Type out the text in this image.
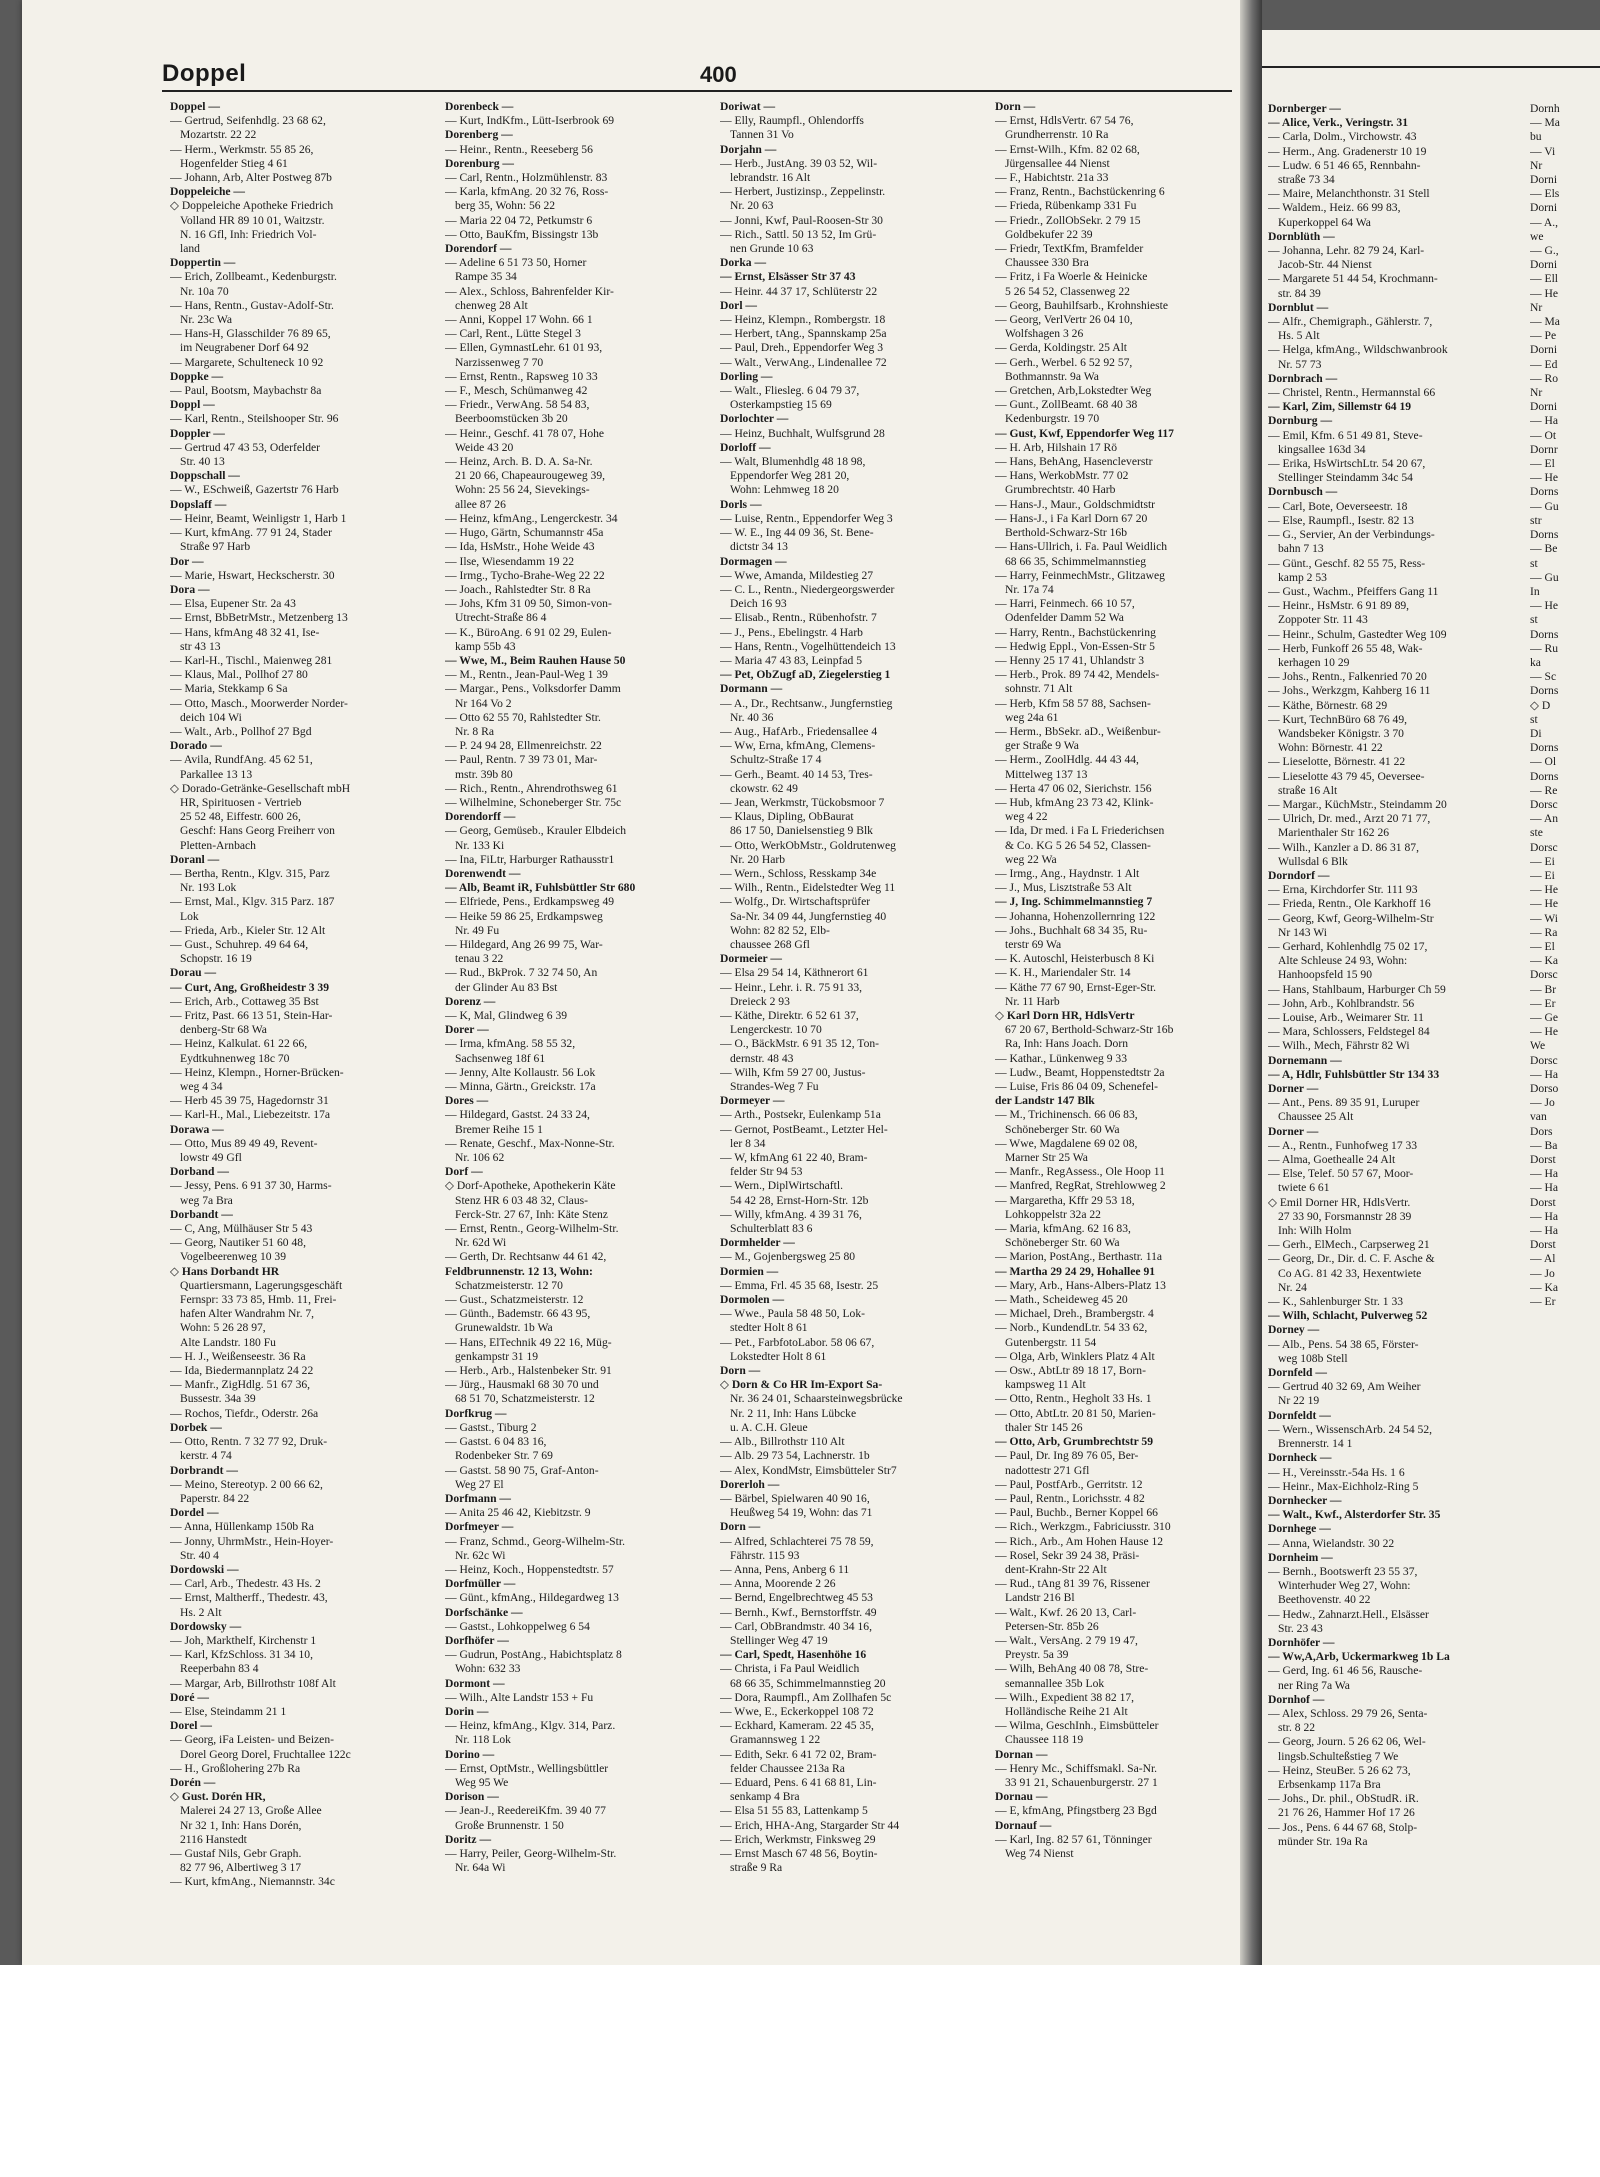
Doppel	400
Doppel —
— Gertrud, Seifenhdlg. 23 68 62,
Mozartstr. 22 22
— Herm., Werkmstr. 55 85 26,
Hogenfelder Stieg 4 61
— Johann, Arb, Alter Postweg 87b
Doppeleiche —
◇ Doppeleiche Apotheke Friedrich
Volland HR 89 10 01, Waitzstr.
N. 16 Gfl, Inh: Friedrich Vol-
land
Doppertin —
— Erich, Zollbeamt., Kedenburgstr.
Nr. 10a 70
— Hans, Rentn., Gustav-Adolf-Str.
Nr. 23c Wa
— Hans-H, Glasschilder 76 89 65,
im Neugrabener Dorf 64 92
— Margarete, Schulteneck 10 92
Doppke —
— Paul, Bootsm, Maybachstr 8a
Doppl —
— Karl, Rentn., Steilshooper Str. 96
Doppler —
— Gertrud 47 43 53, Oderfelder
Str. 40 13
Doppschall —
— W., ESchweiß, Gazertstr 76 Harb
Dopslaff —
— Heinr, Beamt, Weinligstr 1, Harb 1
— Kurt, kfmAng. 77 91 24, Stader
Straße 97 Harb
Dor —
— Marie, Hswart, Heckscherstr. 30
Dora —
— Elsa, Eupener Str. 2a 43
— Ernst, BbBetrMstr., Metzenberg 13
— Hans, kfmAng 48 32 41, Ise-
str 43 13
— Karl-H., Tischl., Maienweg 281
— Klaus, Mal., Pollhof 27 80
— Maria, Stekkamp 6 Sa
— Otto, Masch., Moorwerder Norder-
deich 104 Wi
— Walt., Arb., Pollhof 27 Bgd
Dorado —
— Avila, RundfAng. 45 62 51,
Parkallee 13 13
◇ Dorado-Getränke-Gesellschaft mbH
HR, Spirituosen - Vertrieb
25 52 48, Eiffestr. 600 26,
Geschf: Hans Georg Freiherr von
Pletten-Arnbach
Doranl —
— Bertha, Rentn., Klgv. 315, Parz
Nr. 193 Lok
— Ernst, Mal., Klgv. 315 Parz. 187
Lok
— Frieda, Arb., Kieler Str. 12 Alt
— Gust., Schuhrep. 49 64 64,
Schopstr. 16 19
Dorau —
— Curt, Ang, Großheidestr 3 39
— Erich, Arb., Cottaweg 35 Bst
— Fritz, Past. 66 13 51, Stein-Har-
denberg-Str 68 Wa
— Heinz, Kalkulat. 61 22 66,
Eydtkuhnenweg 18c 70
— Heinz, Klempn., Horner-Brücken-
weg 4 34
— Herb 45 39 75, Hagedornstr 31
— Karl-H., Mal., Liebezeitstr. 17a
Dorawa —
— Otto, Mus 89 49 49, Revent-
lowstr 49 Gfl
Dorband —
— Jessy, Pens. 6 91 37 30, Harms-
weg 7a Bra
Dorbandt —
— C, Ang, Mülhäuser Str 5 43
— Georg, Nautiker 51 60 48,
Vogelbeerenweg 10 39
◇ Hans Dorbandt HR
Quartiersmann, Lagerungsgeschäft
Fernspr: 33 73 85, Hmb. 11, Frei-
hafen Alter Wandrahm Nr. 7,
Wohn: 5 26 28 97,
Alte Landstr. 180 Fu
— H. J., Weißenseestr. 36 Ra
— Ida, Biedermannplatz 24 22
— Manfr., ZigHdlg. 51 67 36,
Bussestr. 34a 39
— Rochos, Tiefdr., Oderstr. 26a
Dorbek —
— Otto, Rentn. 7 32 77 92, Druk-
kerstr. 4 74
Dorbrandt —
— Meino, Stereotyp. 2 00 66 62,
Paperstr. 84 22
Dordel —
— Anna, Hüllenkamp 150b Ra
— Jonny, UhrmMstr., Hein-Hoyer-
Str. 40 4
Dordowski —
— Carl, Arb., Thedestr. 43 Hs. 2
— Ernst, Maltherff., Thedestr. 43,
Hs. 2 Alt
Dordowsky —
— Joh, Markthelf, Kirchenstr 1
— Karl, KfzSchloss. 31 34 10,
Reeperbahn 83 4
— Margar, Arb, Billrothstr 108f Alt
Doré —
— Else, Steindamm 21 1
Dorel —
— Georg, iFa Leisten- und Beizen-
Dorel Georg Dorel, Fruchtallee 122c
— H., Großlohering 27b Ra
Dorén —
◇ Gust. Dorén HR,
Malerei 24 27 13, Große Allee
Nr 32 1, Inh: Hans Dorén,
2116 Hanstedt
— Gustaf Nils, Gebr Graph.
82 77 96, Albertiweg 3 17
— Kurt, kfmAng., Niemannstr. 34c
Dorenbeck —
— Kurt, IndKfm., Lütt-Iserbrook 69
Dorenberg —
— Heinr., Rentn., Reeseberg 56
Dorenburg —
— Carl, Rentn., Holzmühlenstr. 83
— Karla, kfmAng. 20 32 76, Ross-
berg 35, Wohn: 56 22
— Maria 22 04 72, Petkumstr 6
— Otto, BauKfm, Bissingstr 13b
Dorendorf —
— Adeline 6 51 73 50, Horner
Rampe 35 34
— Alex., Schloss, Bahrenfelder Kir-
chenweg 28 Alt
— Anni, Koppel 17 Wohn. 66 1
— Carl, Rent., Lütte Stegel 3
— Ellen, GymnastLehr. 61 01 93,
Narzissenweg 7 70
— Ernst, Rentn., Rapsweg 10 33
— F., Mesch, Schümanweg 42
— Friedr., VerwAng. 58 54 83,
Beerboomstücken 3b 20
— Heinr., Geschf. 41 78 07, Hohe
Weide 43 20
— Heinz, Arch. B. D. A. Sa-Nr.
21 20 66, Chapeaurougeweg 39,
Wohn: 25 56 24, Sievekings-
allee 87 26
— Heinz, kfmAng., Lengerckestr. 34
— Hugo, Gärtn, Schumannstr 45a
— Ida, HsMstr., Hohe Weide 43
— Ilse, Wiesendamm 19 22
— Irmg., Tycho-Brahe-Weg 22 22
— Joach., Rahlstedter Str. 8 Ra
— Johs, Kfm 31 09 50, Simon-von-
Utrecht-Straße 86 4
— K., BüroAng. 6 91 02 29, Eulen-
kamp 55b 43
— Wwe, M., Beim Rauhen Hause 50
— M., Rentn., Jean-Paul-Weg 1 39
— Margar., Pens., Volksdorfer Damm
Nr 164 Vo 2
— Otto 62 55 70, Rahlstedter Str.
Nr. 8 Ra
— P. 24 94 28, Ellmenreichstr. 22
— Paul, Rentn. 7 39 73 01, Mar-
mstr. 39b 80
— Rich., Rentn., Ahrendrothsweg 61
— Wilhelmine, Schoneberger Str. 75c
Dorendorff —
— Georg, Gemüseb., Krauler Elbdeich
Nr. 133 Ki
— Ina, FiLtr, Harburger Rathausstr1
Dorenwendt —
— Alb, Beamt iR, Fuhlsbüttler Str 680
— Elfriede, Pens., Erdkampsweg 49
— Heike 59 86 25, Erdkampsweg
Nr. 49 Fu
— Hildegard, Ang 26 99 75, War-
tenau 3 22
— Rud., BkProk. 7 32 74 50, An
der Glinder Au 83 Bst
Dorenz —
— K, Mal, Glindweg 6 39
Dorer —
— Irma, kfmAng. 58 55 32,
Sachsenweg 18f 61
— Jenny, Alte Kollaustr. 56 Lok
— Minna, Gärtn., Greickstr. 17a
Dores —
— Hildegard, Gastst. 24 33 24,
Bremer Reihe 15 1
— Renate, Geschf., Max-Nonne-Str.
Nr. 106 62
Dorf —
◇ Dorf-Apotheke, Apothekerin Käte
Stenz HR 6 03 48 32, Claus-
Ferck-Str. 27 67, Inh: Käte Stenz
— Ernst, Rentn., Georg-Wilhelm-Str.
Nr. 62d Wi
— Gerth, Dr. Rechtsanw 44 61 42,
Feldbrunnenstr. 12 13, Wohn:
Schatzmeisterstr. 12 70
— Gust., Schatzmeisterstr. 12
— Günth., Bademstr. 66 43 95,
Grunewaldstr. 1b Wa
— Hans, ElTechnik 49 22 16, Müg-
genkampstr 31 19
— Herb., Arb., Halstenbeker Str. 91
— Jürg., Hausmakl 68 30 70 und
68 51 70, Schatzmeisterstr. 12
Dorfkrug —
— Gastst., Tiburg 2
— Gastst. 6 04 83 16,
Rodenbeker Str. 7 69
— Gastst. 58 90 75, Graf-Anton-
Weg 27 El
Dorfmann —
— Anita 25 46 42, Kiebitzstr. 9
Dorfmeyer —
— Franz, Schmd., Georg-Wilhelm-Str.
Nr. 62c Wi
— Heinz, Koch., Hoppenstedtstr. 57
Dorfmüller —
— Günt., kfmAng., Hildegardweg 13
Dorfschänke —
— Gastst., Lohkoppelweg 6 54
Dorfhöfer —
— Gudrun, PostAng., Habichtsplatz 8
Wohn: 632 33
Dormont —
— Wilh., Alte Landstr 153 + Fu
Dorin —
— Heinz, kfmAng., Klgv. 314, Parz.
Nr. 118 Lok
Dorino —
— Ernst, OptMstr., Wellingsbüttler
Weg 95 We
Dorison —
— Jean-J., ReedereiKfm. 39 40 77
Große Brunnenstr. 1 50
Doritz —
— Harry, Peiler, Georg-Wilhelm-Str.
Nr. 64a Wi
Doriwat —
— Elly, Raumpfl., Ohlendorffs
Tannen 31 Vo
Dorjahn —
— Herb., JustAng. 39 03 52, Wil-
lebrandstr. 16 Alt
— Herbert, Justizinsp., Zeppelinstr.
Nr. 20 63
— Jonni, Kwf, Paul-Roosen-Str 30
— Rich., Sattl. 50 13 52, Im Grü-
nen Grunde 10 63
Dorka —
— Ernst, Elsässer Str 37 43
— Heinr. 44 37 17, Schlüterstr 22
Dorl —
— Heinz, Klempn., Rombergstr. 18
— Herbert, tAng., Spannskamp 25a
— Paul, Dreh., Eppendorfer Weg 3
— Walt., VerwAng., Lindenallee 72
Dorling —
— Walt., Fliesleg. 6 04 79 37,
Osterkampstieg 15 69
Dorlochter —
— Heinz, Buchhalt, Wulfsgrund 28
Dorloff —
— Walt, Blumenhdlg 48 18 98,
Eppendorfer Weg 281 20,
Wohn: Lehmweg 18 20
Dorls —
— Luise, Rentn., Eppendorfer Weg 3
— W. E., Ing 44 09 36, St. Bene-
dictstr 34 13
Dormagen —
— Wwe, Amanda, Mildestieg 27
— C. L., Rentn., Niedergeorgswerder
Deich 16 93
— Elisab., Rentn., Rübenhofstr. 7
— J., Pens., Ebelingstr. 4 Harb
— Hans, Rentn., Vogelhüttendeich 13
— Maria 47 43 83, Leinpfad 5
— Pet, ObZugf aD, Ziegelerstieg 1
Dormann —
— A., Dr., Rechtsanw., Jungfernstieg
Nr. 40 36
— Aug., HafArb., Friedensallee 4
— Ww, Erna, kfmAng, Clemens-
Schultz-Straße 17 4
— Gerh., Beamt. 40 14 53, Tres-
ckowstr. 62 49
— Jean, Werkmstr, Tückobsmoor 7
— Klaus, Dipling, ObBaurat
86 17 50, Danielsenstieg 9 Blk
— Otto, WerkObMstr., Goldrutenweg
Nr. 20 Harb
— Wern., Schloss, Resskamp 34e
— Wilh., Rentn., Eidelstedter Weg 11
— Wolfg., Dr. Wirtschaftsprüfer
Sa-Nr. 34 09 44, Jungfernstieg 40
Wohn: 82 82 52, Elb-
chaussee 268 Gfl
Dormeier —
— Elsa 29 54 14, Käthnerort 61
— Heinr., Lehr. i. R. 75 91 33,
Dreieck 2 93
— Käthe, Direktr. 6 52 61 37,
Lengerckestr. 10 70
— O., BäckMstr. 6 91 35 12, Ton-
dernstr. 48 43
— Wilh, Kfm 59 27 00, Justus-
Strandes-Weg 7 Fu
Dormeyer —
— Arth., Postsekr, Eulenkamp 51a
— Gernot, PostBeamt., Letzter Hel-
ler 8 34
— W, kfmAng 61 22 40, Bram-
felder Str 94 53
— Wern., DiplWirtschaftl.
54 42 28, Ernst-Horn-Str. 12b
— Willy, kfmAng. 4 39 31 76,
Schulterblatt 83 6
Dormhelder —
— M., Gojenbergsweg 25 80
Dormien —
— Emma, Frl. 45 35 68, Isestr. 25
Dormolen —
— Wwe., Paula 58 48 50, Lok-
stedter Holt 8 61
— Pet., FarbfotoLabor. 58 06 67,
Lokstedter Holt 8 61
Dorn —
◇ Dorn & Co HR Im-Export Sa-
Nr. 36 24 01, Schaarsteinwegsbrücke
Nr. 2 11, Inh: Hans Lübcke
u. A. C.H. Gleue
— Alb., Billrothstr 110 Alt
— Alb. 29 73 54, Lachnerstr. 1b
— Alex, KondMstr, Eimsbütteler Str7
Dorerloh —
— Bärbel, Spielwaren 40 90 16,
Heußweg 54 19, Wohn: das 71
Dorn —
— Alfred, Schlachterei 75 78 59,
Fährstr. 115 93
— Anna, Pens, Anberg 6 11
— Anna, Moorende 2 26
— Bernd, Engelbrechtweg 45 53
— Bernh., Kwf., Bernstorffstr. 49
— Carl, ObBrandmstr. 40 34 16,
Stellinger Weg 47 19
— Carl, Spedt, Hasenhöhe 16
— Christa, i Fa Paul Weidlich
68 66 35, Schimmelmannstieg 20
— Dora, Raumpfl., Am Zollhafen 5c
— Wwe, E., Eckerkoppel 108 72
— Eckhard, Kameram. 22 45 35,
Gramannsweg 1 22
— Edith, Sekr. 6 41 72 02, Bram-
felder Chaussee 213a Ra
— Eduard, Pens. 6 41 68 81, Lin-
senkamp 4 Bra
— Elsa 51 55 83, Lattenkamp 5
— Erich, HHA-Ang, Stargarder Str 44
— Erich, Werkmstr, Finksweg 29
— Ernst Masch 67 48 56, Boytin-
straße 9 Ra
Dorn —
— Ernst, HdlsVertr. 67 54 76,
Grundherrenstr. 10 Ra
— Ernst-Wilh., Kfm. 82 02 68,
Jürgensallee 44 Nienst
— F., Habichtstr. 21a 33
— Franz, Rentn., Bachstückenring 6
— Frieda, Rübenkamp 331 Fu
— Friedr., ZollObSekr. 2 79 15
Goldbekufer 22 39
— Friedr, TextKfm, Bramfelder
Chaussee 330 Bra
— Fritz, i Fa Woerle & Heinicke
5 26 54 52, Classenweg 22
— Georg, Bauhilfsarb., Krohnshieste
— Georg, VerlVertr 26 04 10,
Wolfshagen 3 26
— Gerda, Koldingstr. 25 Alt
— Gerh., Werbel. 6 52 92 57,
Bothmannstr. 9a Wa
— Gretchen, Arb,Lokstedter Weg
— Gunt., ZollBeamt. 68 40 38
Kedenburgstr. 19 70
— Gust, Kwf, Eppendorfer Weg 117
— H. Arb, Hilshain 17 Rö
— Hans, BehAng, Hasencleverstr
— Hans, WerkobMstr. 77 02
Grumbrechtstr. 40 Harb
— Hans-J., Maur., Goldschmidtstr
— Hans-J., i Fa Karl Dorn 67 20
Berthold-Schwarz-Str 16b
— Hans-Ullrich, i. Fa. Paul Weidlich
68 66 35, Schimmelmannstieg
— Harry, FeinmechMstr., Glitzaweg
Nr. 17a 74
— Harri, Feinmech. 66 10 57,
Odenfelder Damm 52 Wa
— Harry, Rentn., Bachstückenring
— Hedwig Eppl., Von-Essen-Str 5
— Henny 25 17 41, Uhlandstr 3
— Herb., Prok. 89 74 42, Mendels-
sohnstr. 71 Alt
— Herb, Kfm 58 57 88, Sachsen-
weg 24a 61
— Herm., BbSekr. aD., Weißenbur-
ger Straße 9 Wa
— Herm., ZoolHdlg. 44 43 44,
Mittelweg 137 13
— Herta 47 06 02, Sierichstr. 156
— Hub, kfmAng 23 73 42, Klink-
weg 4 22
— Ida, Dr med. i Fa L Friederichsen
& Co. KG 5 26 54 52, Classen-
weg 22 Wa
— Irmg., Ang., Haydnstr. 1 Alt
— J., Mus, Lisztstraße 53 Alt
— J, Ing. Schimmelmannstieg 7
— Johanna, Hohenzollernring 122
— Johs., Buchhalt 68 34 35, Ru-
terstr 69 Wa
— K. Autoschl, Heisterbusch 8 Ki
— K. H., Mariendaler Str. 14
— Käthe 77 67 90, Ernst-Eger-Str.
Nr. 11 Harb
◇ Karl Dorn HR, HdlsVertr
67 20 67, Berthold-Schwarz-Str 16b
Ra, Inh: Hans Joach. Dorn
— Kathar., Lünkenweg 9 33
— Ludw., Beamt, Hoppenstedtstr 2a
— Luise, Fris 86 04 09, Schenefel-
der Landstr 147 Blk
— M., Trichinensch. 66 06 83,
Schöneberger Str. 60 Wa
— Wwe, Magdalene 69 02 08,
Marner Str 25 Wa
— Manfr., RegAssess., Ole Hoop 11
— Manfred, RegRat, Strehlowweg 2
— Margaretha, Kffr 29 53 18,
Lohkoppelstr 32a 22
— Maria, kfmAng. 62 16 83,
Schöneberger Str. 60 Wa
— Marion, PostAng., Berthastr. 11a
— Martha 29 24 29, Hohallee 91
— Mary, Arb., Hans-Albers-Platz 13
— Math., Scheideweg 45 20
— Michael, Dreh., Brambergstr. 4
— Norb., KundendLtr. 54 33 62,
Gutenbergstr. 11 54
— Olga, Arb, Winklers Platz 4 Alt
— Osw., AbtLtr 89 18 17, Born-
kampsweg 11 Alt
— Otto, Rentn., Hegholt 33 Hs. 1
— Otto, AbtLtr. 20 81 50, Marien-
thaler Str 145 26
— Otto, Arb, Grumbrechtstr 59
— Paul, Dr. Ing 89 76 05, Ber-
nadottestr 271 Gfl
— Paul, PostfArb., Gerritstr. 12
— Paul, Rentn., Lorichsstr. 4 82
— Paul, Buchb., Berner Koppel 66
— Rich., Werkzgm., Fabriciusstr. 310
— Rich., Arb., Am Hohen Hause 12
— Rosel, Sekr 39 24 38, Präsi-
dent-Krahn-Str 22 Alt
— Rud., tAng 81 39 76, Rissener
Landstr 216 Bl
— Walt., Kwf. 26 20 13, Carl-
Petersen-Str. 85b 26
— Walt., VersAng. 2 79 19 47,
Preystr. 5a 39
— Wilh, BehAng 40 08 78, Stre-
semannallee 35b Lok
— Wilh., Expedient 38 82 17,
Holländische Reihe 21 Alt
— Wilma, GeschInh., Eimsbütteler
Chaussee 118 19
Dornan —
— Henry Mc., Schiffsmakl. Sa-Nr.
33 91 21, Schauenburgerstr. 27 1
Dornau —
— E, kfmAng, Pfingstberg 23 Bgd
Dornauf —
— Karl, Ing. 82 57 61, Tönninger
Weg 74 Nienst
Dornberger —
— Alice, Verk., Veringstr. 31
— Carla, Dolm., Virchowstr. 43
— Herm., Ang. Gradenerstr 10 19
— Ludw. 6 51 46 65, Rennbahn-
straße 73 34
— Maire, Melanchthonstr. 31 Stell
— Waldem., Heiz. 66 99 83,
Kuperkoppel 64 Wa
Dornblüth —
— Johanna, Lehr. 82 79 24, Karl-
Jacob-Str. 44 Nienst
— Margarete 51 44 54, Krochmann-
str. 84 39
Dornblut —
— Alfr., Chemigraph., Gählerstr. 7,
Hs. 5 Alt
— Helga, kfmAng., Wildschwanbrook
Nr. 57 73
Dornbrach —
— Christel, Rentn., Hermannstal 66
— Karl, Zim, Sillemstr 64 19
Dornburg —
— Emil, Kfm. 6 51 49 81, Steve-
kingsallee 163d 34
— Erika, HsWirtschLtr. 54 20 67,
Stellinger Steindamm 34c 54
Dornbusch —
— Carl, Bote, Oeverseestr. 18
— Else, Raumpfl., Isestr. 82 13
— G., Servier, An der Verbindungs-
bahn 7 13
— Günt., Geschf. 82 55 75, Ress-
kamp 2 53
— Gust., Wachm., Pfeiffers Gang 11
— Heinr., HsMstr. 6 91 89 89,
Zoppoter Str. 11 43
— Heinr., Schulm, Gastedter Weg 109
— Herb, Funkoff 26 55 48, Wak-
kerhagen 10 29
— Johs., Rentn., Falkenried 70 20
— Johs., Werkzgm, Kahberg 16 11
— Käthe, Börnestr. 68 29
— Kurt, TechnBüro 68 76 49,
Wandsbeker Königstr. 3 70
Wohn: Börnestr. 41 22
— Lieselotte, Börnestr. 41 22
— Lieselotte 43 79 45, Oeversee-
straße 16 Alt
— Margar., KüchMstr., Steindamm 20
— Ulrich, Dr. med., Arzt 20 71 77,
Marienthaler Str 162 26
— Wilh., Kanzler a D. 86 31 87,
Wullsdal 6 Blk
Dorndorf —
— Erna, Kirchdorfer Str. 111 93
— Frieda, Rentn., Ole Karkhoff 16
— Georg, Kwf, Georg-Wilhelm-Str
Nr 143 Wi
— Gerhard, Kohlenhdlg 75 02 17,
Alte Schleuse 24 93, Wohn:
Hanhoopsfeld 15 90
— Hans, Stahlbaum, Harburger Ch 59
— John, Arb., Kohlbrandstr. 56
— Louise, Arb., Weimarer Str. 11
— Mara, Schlossers, Feldstegel 84
— Wilh., Mech, Fährstr 82 Wi
Dornemann —
— A, Hdlr, Fuhlsbüttler Str 134 33
Dorner —
— Ant., Pens. 89 35 91, Luruper
Chaussee 25 Alt
Dorner —
— A., Rentn., Funhofweg 17 33
— Alma, Goethealle 24 Alt
— Else, Telef. 50 57 67, Moor-
twiete 6 61
◇ Emil Dorner HR, HdlsVertr.
27 33 90, Forsmannstr 28 39
Inh: Wilh Holm
— Gerh., ElMech., Carpserweg 21
— Georg, Dr., Dir. d. C. F. Asche &
Co AG. 81 42 33, Hexentwiete
Nr. 24
— K., Sahlenburger Str. 1 33
— Wilh, Schlacht, Pulverweg 52
Dorney —
— Alb., Pens. 54 38 65, Förster-
weg 108b Stell
Dornfeld —
— Gertrud 40 32 69, Am Weiher
Nr 22 19
Dornfeldt —
— Wern., WissenschArb. 24 54 52,
Brennerstr. 14 1
Dornheck —
— H., Vereinsstr.-54a Hs. 1 6
— Heinr., Max-Eichholz-Ring 5
Dornhecker —
— Walt., Kwf., Alsterdorfer Str. 35
Dornhege —
— Anna, Wielandstr. 30 22
Dornheim —
— Bernh., Bootswerft 23 55 37,
Winterhuder Weg 27, Wohn:
Beethovenstr. 40 22
— Hedw., Zahnarzt.Hell., Elsässer
Str. 23 43
Dornhöfer —
— Ww,A,Arb, Uckermarkweg 1b La
— Gerd, Ing. 61 46 56, Rausche-
ner Ring 7a Wa
Dornhof —
— Alex, Schloss. 29 79 26, Senta-
str. 8 22
— Georg, Journ. 5 26 62 06, Wel-
lingsb.Schulteßstieg 7 We
— Heinz, SteuBer. 5 26 62 73,
Erbsenkamp 117a Bra
— Johs., Dr. phil., ObStudR. iR.
21 76 26, Hammer Hof 17 26
— Jos., Pens. 6 44 67 68, Stolp-
münder Str. 19a Ra
Dornh
— Ma
bu
— Vi
Nr
Dorni
— Els
Dorni
— A.,
we
— G.,
Dorni
— Ell
— He
Nr
— Ma
— Pe
Dorni
— Ed
— Ro
Nr
Dorni
— Ha
— Ot
Dornr
— El
— He
Dorns
— Gu
str
Dorns
— Be
st
— Gu
In
— He
st
Dorns
— Ru
ka
— Sc
Dorns
◇ D
st
Di
Dorns
— Ol
Dorns
— Re
Dorsc
— An
ste
Dorsc
— Ei
— Ei
— He
— He
— Wi
— Ra
— El
— Ka
Dorsc
— Br
— Er
— Ge
— He
We
Dorsc
— Ha
Dorso
— Jo
van
Dors
— Ba
Dorst
— Ha
— Ha
Dorst
— Ha
— Ha
Dorst
— Al
— Jo
— Ka
— Er
